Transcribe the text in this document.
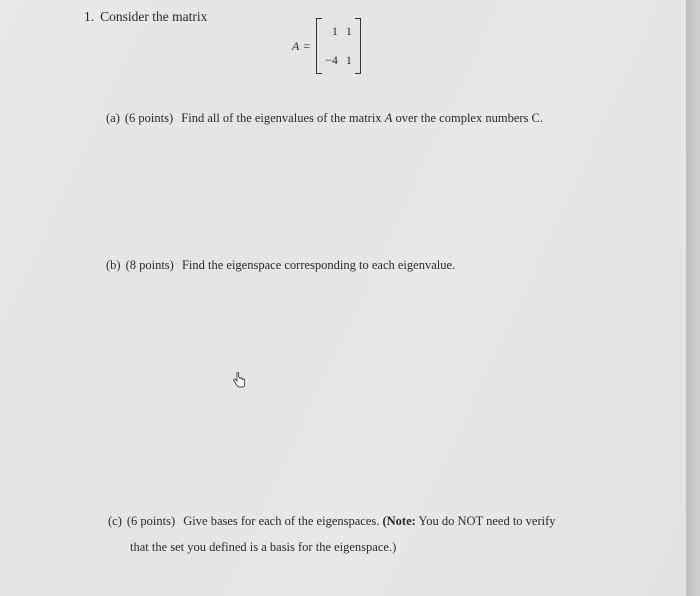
1. Consider the matrix
A =
1 1
−4 1
(a) (6 points) Find all of the eigenvalues of the matrix A over the complex numbers C.
(b) (8 points) Find the eigenspace corresponding to each eigenvalue.
(c) (6 points) Give bases for each of the eigenspaces. (Note: You do NOT need to verify
that the set you defined is a basis for the eigenspace.)
